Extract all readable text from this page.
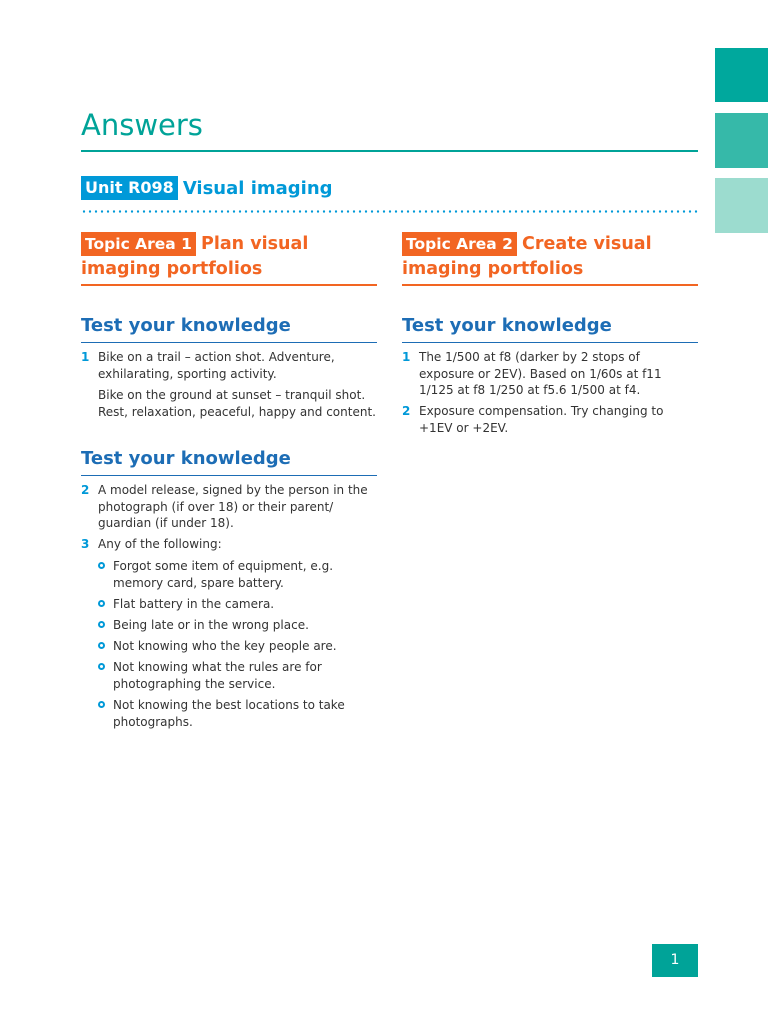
Answers
Unit R098 Visual imaging
Topic Area 1 Plan visual
imaging portfolios
Test your knowledge
1 Bike on a trail – action shot. Adventure, exhilarating, sporting activity.
Bike on the ground at sunset – tranquil shot. Rest, relaxation, peaceful, happy and content.
Test your knowledge
2 A model release, signed by the person in the photograph (if over 18) or their parent/ guardian (if under 18).
3 Any of the following:
Forgot some item of equipment, e.g. memory card, spare battery.
Flat battery in the camera.
Being late or in the wrong place.
Not knowing who the key people are.
Not knowing what the rules are for photographing the service.
Not knowing the best locations to take photographs.
Topic Area 2 Create visual
imaging portfolios
Test your knowledge
1 The 1/500 at f8 (darker by 2 stops of exposure or 2EV). Based on 1/60s at f11 1/125 at f8 1/250 at f5.6 1/500 at f4.
2 Exposure compensation. Try changing to +1EV or +2EV.
1
